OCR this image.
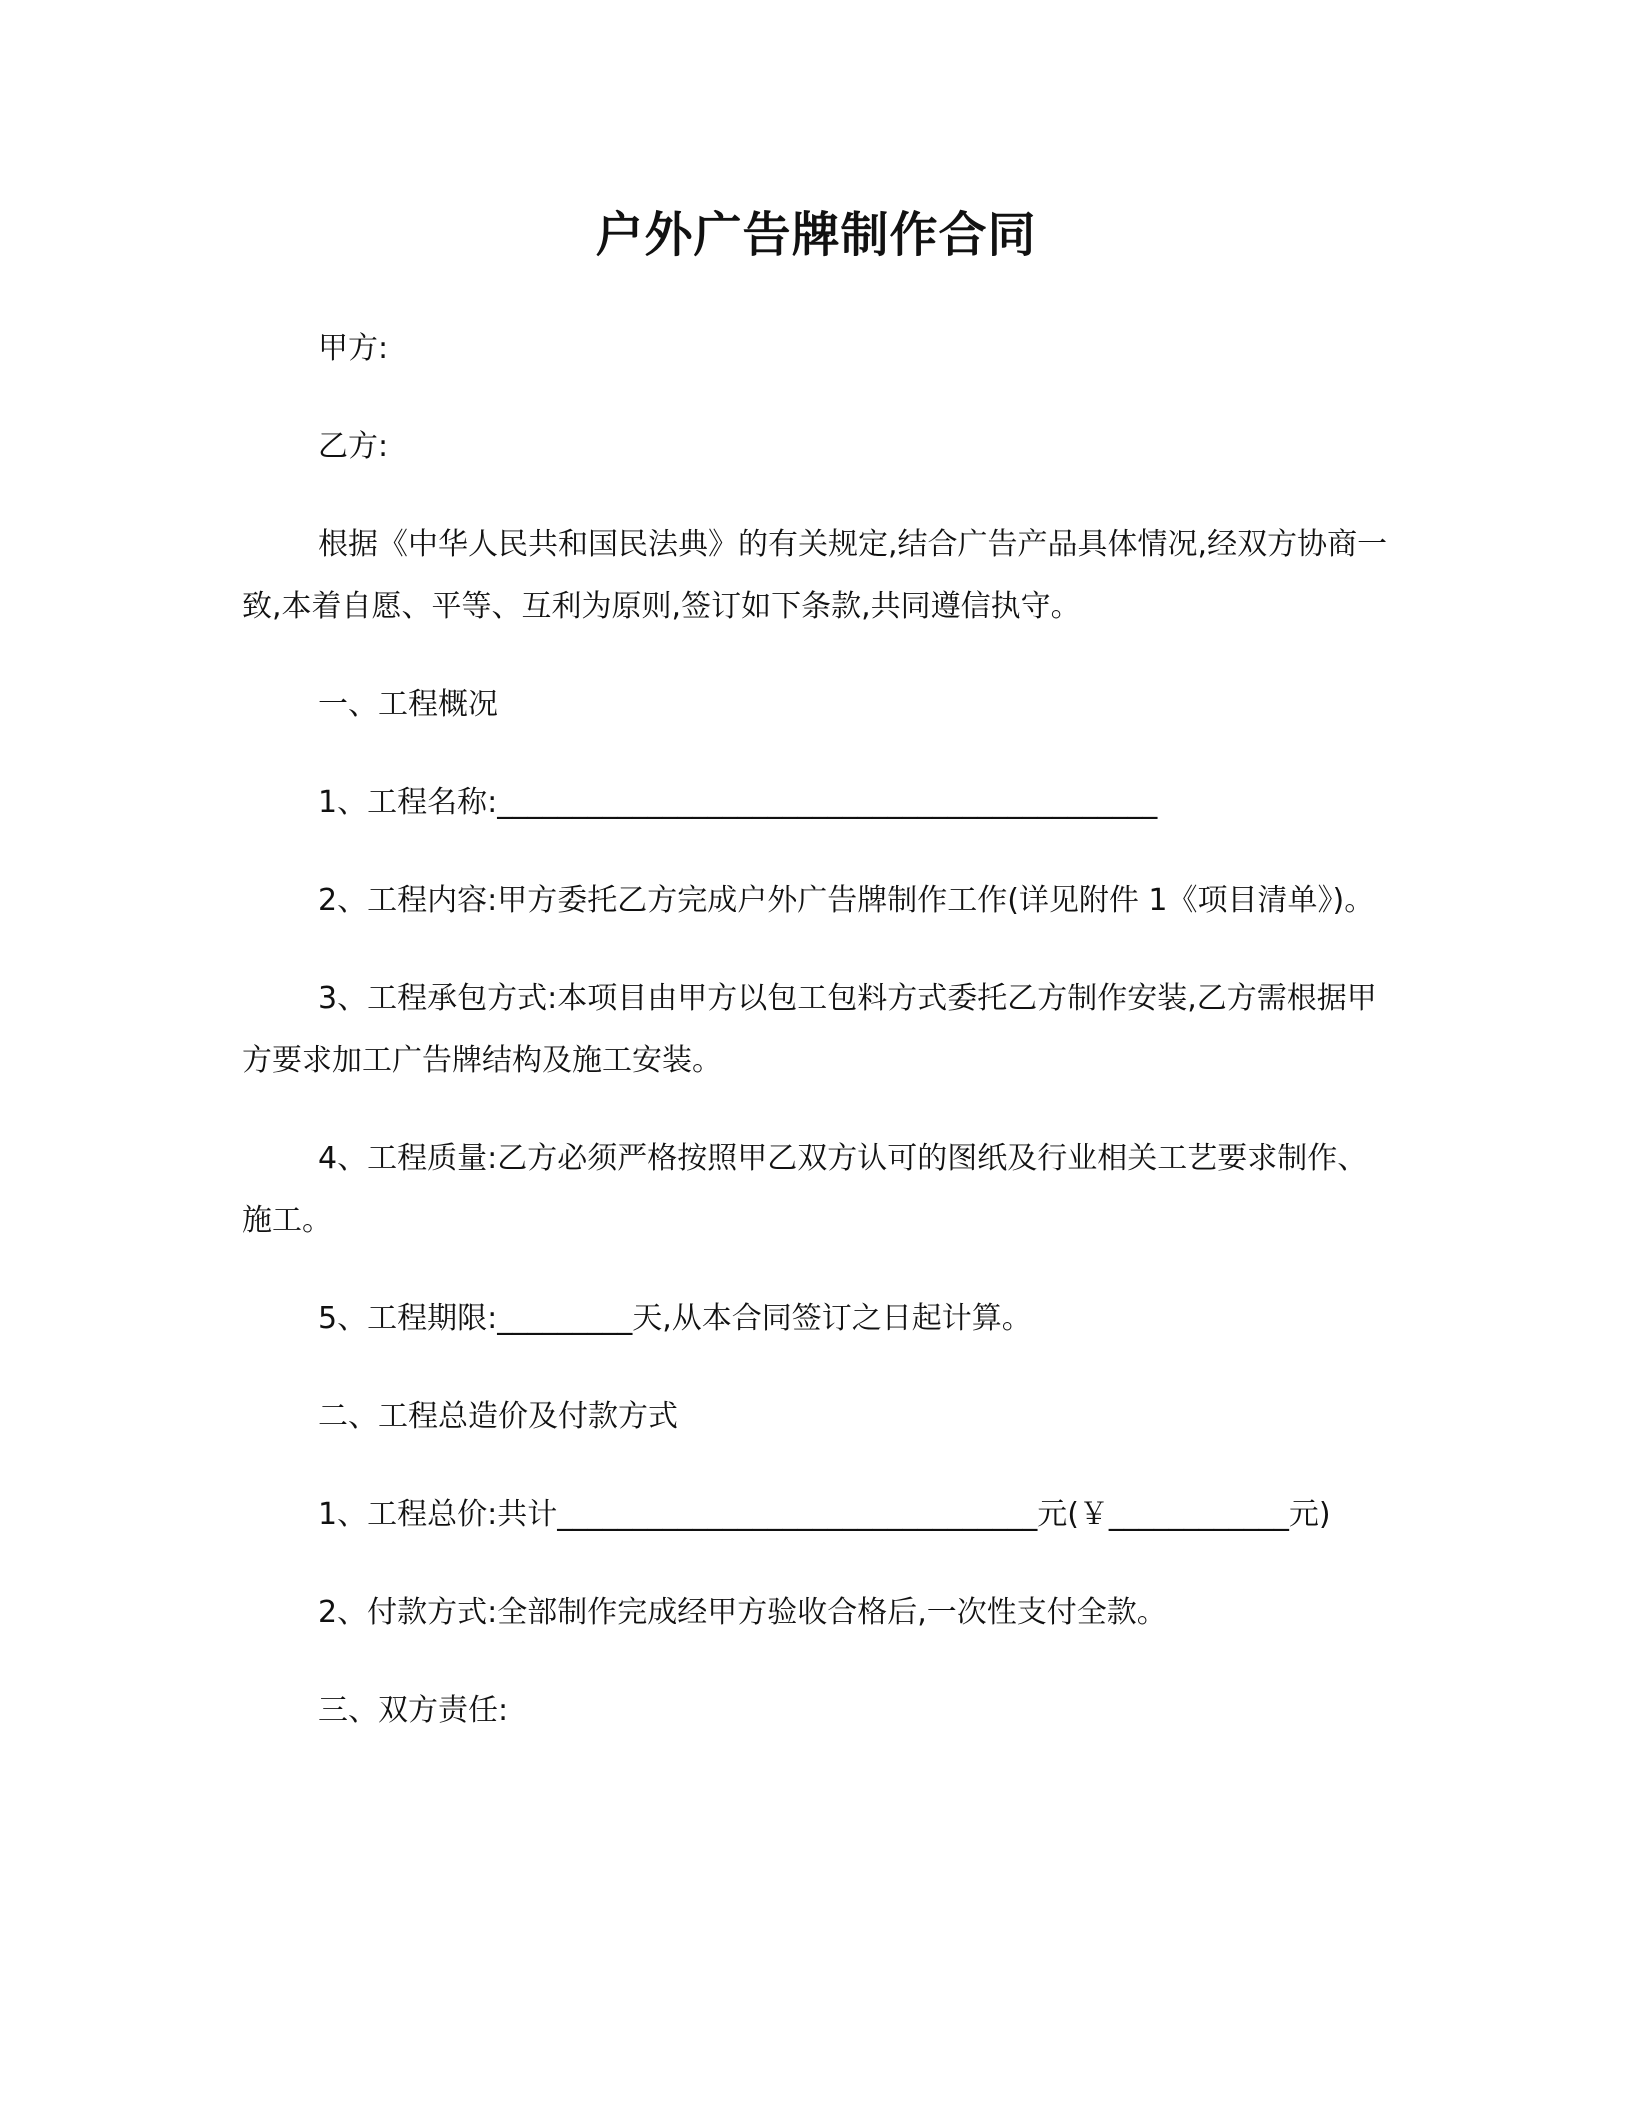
户外广告牌制作合同

甲方:

乙方:

根据《中华人民共和国民法典》的有关规定,结合广告产品具体情况,经双方协商一致,本着自愿、平等、互利为原则,签订如下条款,共同遵信执守。

一、工程概况

1、工程名称:____________________________________________

2、工程内容:甲方委托乙方完成户外广告牌制作工作(详见附件 1《项目清单》)。

3、工程承包方式:本项目由甲方以包工包料方式委托乙方制作安装,乙方需根据甲方要求加工广告牌结构及施工安装。

4、工程质量:乙方必须严格按照甲乙双方认可的图纸及行业相关工艺要求制作、施工。

5、工程期限:_________天,从本合同签订之日起计算。

二、工程总造价及付款方式

1、工程总价:共计________________________________元(￥____________元)

2、付款方式:全部制作完成经甲方验收合格后,一次性支付全款。

三、双方责任:
